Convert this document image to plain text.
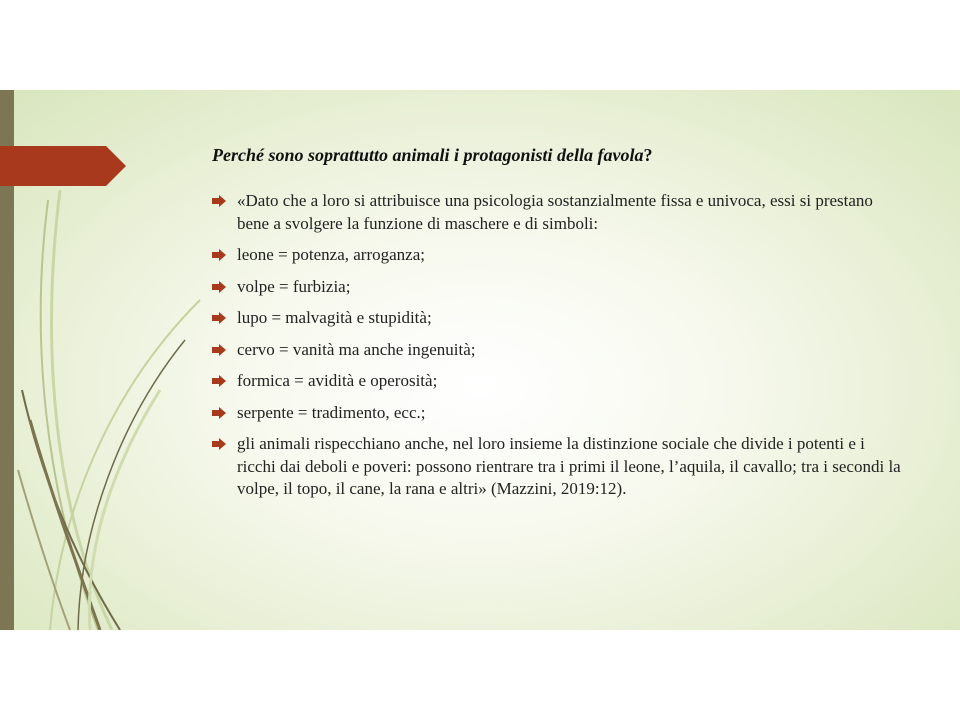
Perché sono soprattutto animali i protagonisti della favola?
«Dato che a loro si attribuisce una psicologia sostanzialmente fissa e univoca, essi si prestano bene a svolgere la funzione di maschere e di simboli:
leone = potenza, arroganza;
volpe = furbizia;
lupo = malvagità e stupidità;
cervo = vanità ma anche ingenuità;
formica = avidità e operosità;
serpente = tradimento, ecc.;
gli animali rispecchiano anche, nel loro insieme la distinzione sociale che divide i potenti e i ricchi dai deboli e poveri: possono rientrare tra i primi il leone, l’aquila, il cavallo; tra i secondi la volpe, il topo, il cane, la rana e altri» (Mazzini, 2019:12).
